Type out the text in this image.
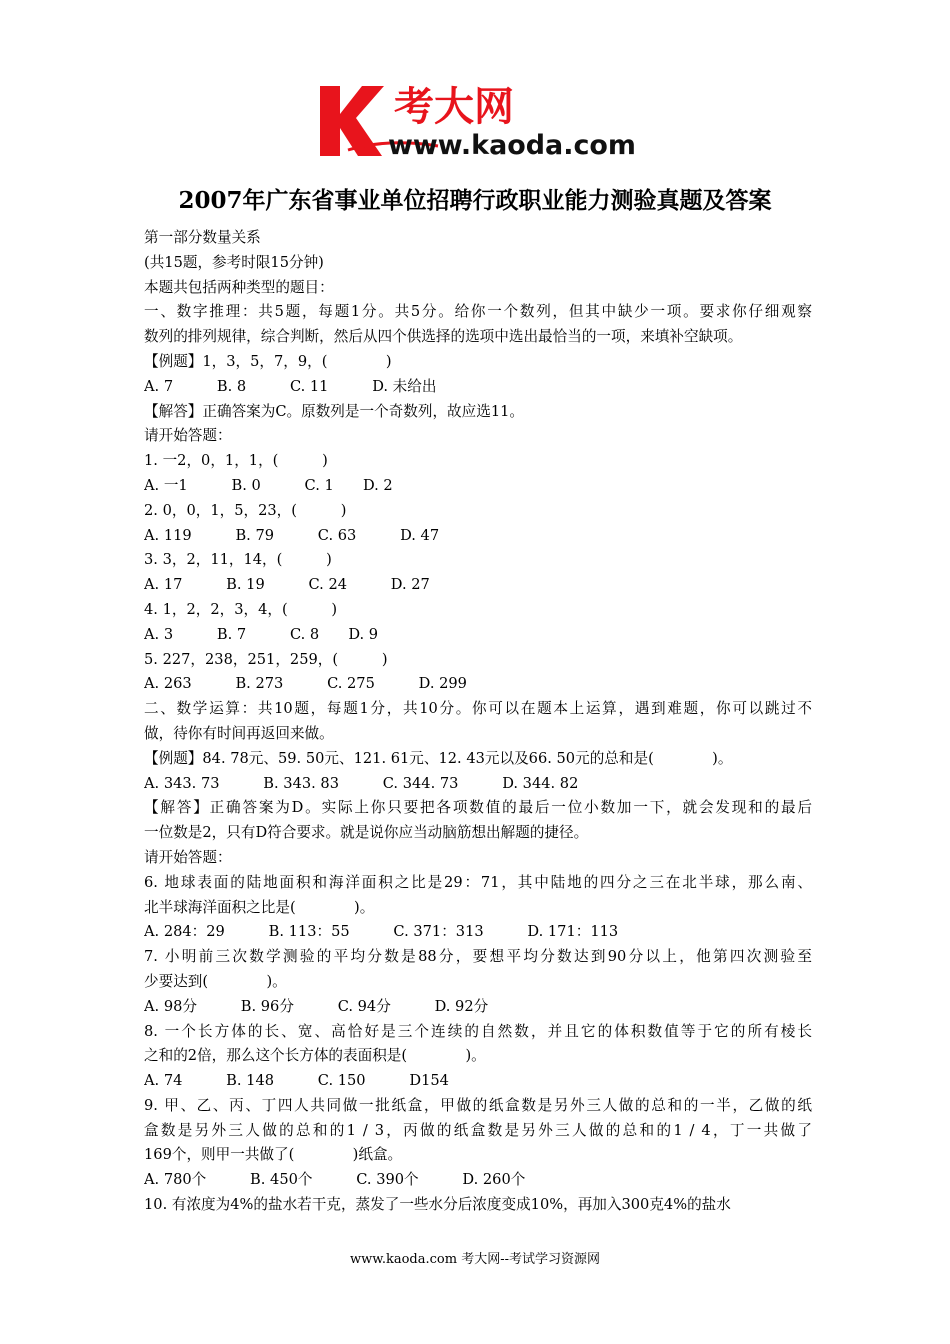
考大网
www.kaoda.com
2007年广东省事业单位招聘行政职业能力测验真题及答案
第一部分数量关系
(共15题，参考时限15分钟)
本题共包括两种类型的题目：
一、数字推理：共5题，每题1分。共5分。给你一个数列，但其中缺少一项。要求你仔细观察
数列的排列规律，综合判断，然后从四个供选择的选项中选出最恰当的一项，来填补空缺项。
【例题】1，3，5，7，9，(　　　　)
A. 7　　　B. 8　　　C. 11　　　D. 未给出
【解答】正确答案为C。原数列是一个奇数列，故应选11。
请开始答题：
1. 一2，0，1，1，(　　　)
A. 一1　　　B. 0　　　C. 1　　D. 2
2. 0，0，1，5，23，(　　　)
A. 119　　　B. 79　　　C. 63　　　D. 47
3. 3，2，11，14，(　　　)
A. 17　　　B. 19　　　C. 24　　　D. 27
4. 1，2，2，3，4，(　　　)
A. 3　　　B. 7　　　C. 8　　D. 9
5. 227，238，251，259，(　　　)
A. 263　　　B. 273　　　C. 275　　　D. 299
二、数学运算：共10题，每题1分，共10分。你可以在题本上运算，遇到难题，你可以跳过不
做，待你有时间再返回来做。
【例题】84. 78元、59. 50元、121. 61元、12. 43元以及66. 50元的总和是(　　　　)。
A. 343. 73　　　B. 343. 83　　　C. 344. 73　　　D. 344. 82
【解答】正确答案为D。实际上你只要把各项数值的最后一位小数加一下，就会发现和的最后
一位数是2，只有D符合要求。就是说你应当动脑筋想出解题的捷径。
请开始答题：
6. 地球表面的陆地面积和海洋面积之比是29：71，其中陆地的四分之三在北半球，那么南、
北半球海洋面积之比是(　　　　)。
A. 284：29　　　B. 113：55　　　C. 371：313　　　D. 171：113
7. 小明前三次数学测验的平均分数是88分，要想平均分数达到90分以上，他第四次测验至
少要达到(　　　　)。
A. 98分　　　B. 96分　　　C. 94分　　　D. 92分
8. 一个长方体的长、宽、高恰好是三个连续的自然数，并且它的体积数值等于它的所有棱长
之和的2倍，那么这个长方体的表面积是(　　　　)。
A. 74　　　B. 148　　　C. 150　　　D154
9. 甲、乙、丙、丁四人共同做一批纸盒，甲做的纸盒数是另外三人做的总和的一半，乙做的纸
盒数是另外三人做的总和的1 / 3，丙做的纸盒数是另外三人做的总和的1 / 4，丁一共做了
169个，则甲一共做了(　　　　)纸盒。
A. 780个　　　B. 450个　　　C. 390个　　　D. 260个
10. 有浓度为4%的盐水若干克，蒸发了一些水分后浓度变成10%，再加入300克4%的盐水
www.kaoda.com 考大网--考试学习资源网
